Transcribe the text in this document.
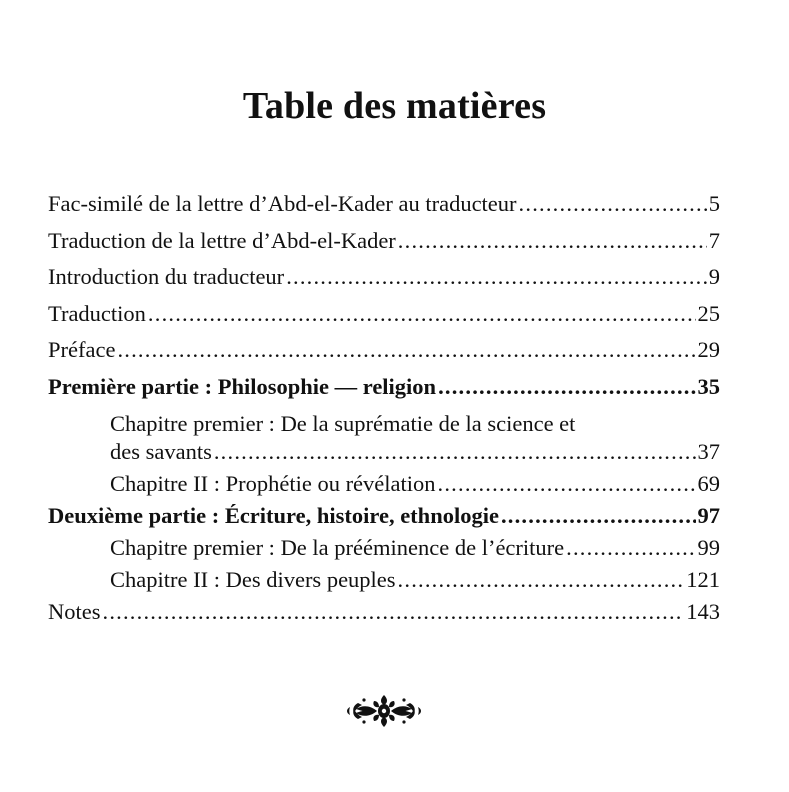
Table des matières
Fac-similé de la lettre d’Abd-el-Kader au traducteur .....	5
Traduction de la lettre d’Abd-el-Kader .....	7
Introduction du traducteur .....	9
Traduction .....	25
Préface .....	29
Première partie : Philosophie — religion .....	35
Chapitre premier : De la suprématie de la science et
des savants .....	37
Chapitre II : Prophétie ou révélation .....	69
Deuxième partie : Écriture, histoire, ethnologie .....	97
Chapitre premier : De la prééminence de l’écriture .....	99
Chapitre II : Des divers peuples .....	121
Notes .....	143
